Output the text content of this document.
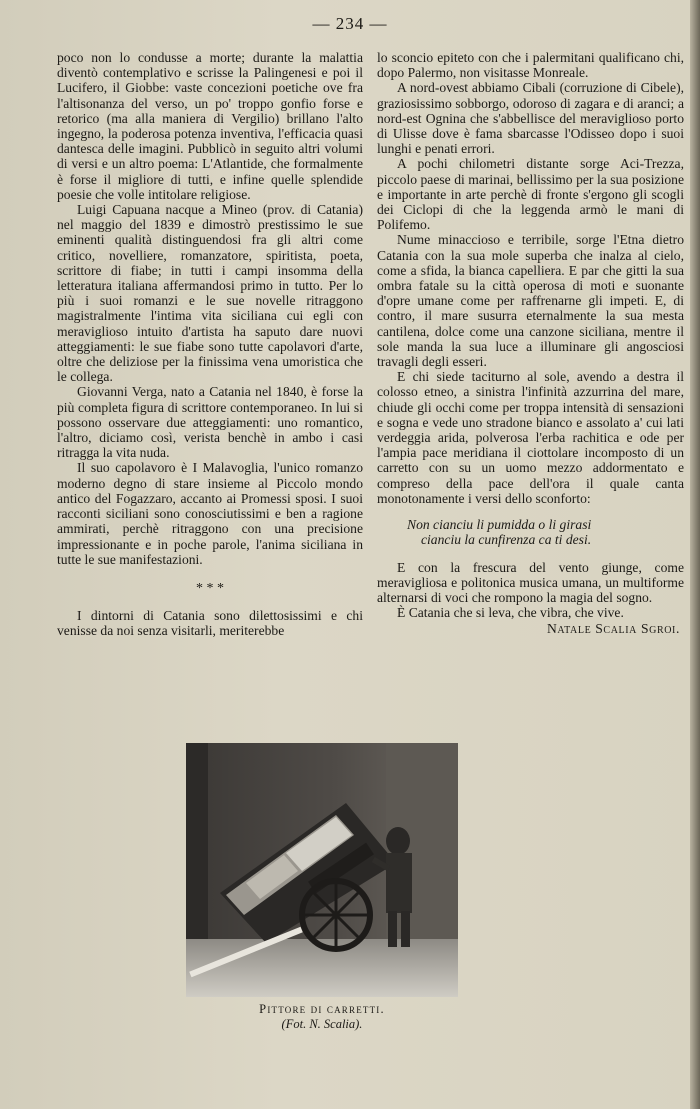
— 234 —

poco non lo condusse a morte; durante la malattia diventò contemplativo e scrisse la Palingenesi e poi il Lucifero, il Giobbe: vaste concezioni poetiche ove fra l'altisonanza del verso, un po' troppo gonfio forse e retorico (ma alla maniera di Vergilio) brillano l'alto ingegno, la poderosa potenza inventiva, l'efficacia quasi dantesca delle imagini. Pubblicò in seguito altri volumi di versi e un altro poema: L'Atlantide, che formalmente è forse il migliore di tutti, e infine quelle splendide poesie che volle intitolare religiose.

Luigi Capuana nacque a Mineo (prov. di Catania) nel maggio del 1839 e dimostrò prestissimo le sue eminenti qualità distinguendosi fra gli altri come critico, novelliere, romanzatore, spiritista, poeta, scrittore di fiabe; in tutti i campi insomma della letteratura italiana affermandosi primo in tutto. Per lo più i suoi romanzi e le sue novelle ritraggono magistralmente l'intima vita siciliana cui egli con meraviglioso intuito d'artista ha saputo dare nuovi atteggiamenti: le sue fiabe sono tutte capolavori d'arte, oltre che deliziose per la finissima vena umoristica che le collega.

Giovanni Verga, nato a Catania nel 1840, è forse la più completa figura di scrittore contemporaneo. In lui si possono osservare due atteggiamenti: uno romantico, l'altro, diciamo così, verista benchè in ambo i casi ritragga la vita nuda.

Il suo capolavoro è I Malavoglia, l'unico romanzo moderno degno di stare insieme al Piccolo mondo antico del Fogazzaro, accanto ai Promessi sposi. I suoi racconti siciliani sono conosciutissimi e ben a ragione ammirati, perchè ritraggono con una precisione impressionante e in poche parole, l'anima siciliana in tutte le sue manifestazioni.

* * *

I dintorni di Catania sono dilettosissimi e chi venisse da noi senza visitarli, meriterebbe

lo sconcio epiteto con che i palermitani qualificano chi, dopo Palermo, non visitasse Monreale.

A nord-ovest abbiamo Cibali (corruzione di Cibele), graziosissimo sobborgo, odoroso di zagara e di aranci; a nord-est Ognina che s'abbellisce del meraviglioso porto di Ulisse dove è fama sbarcasse l'Odisseo dopo i suoi lunghi e penati errori.

A pochi chilometri distante sorge Aci-Trezza, piccolo paese di marinai, bellissimo per la sua posizione e importante in arte perchè di fronte s'ergono gli scogli dei Ciclopi di che la leggenda armò le mani di Polifemo.

Nume minaccioso e terribile, sorge l'Etna dietro Catania con la sua mole superba che inalza al cielo, come a sfida, la bianca capelliera. E par che gitti la sua ombra fatale su la città operosa di moti e suonante d'opre umane come per raffrenarne gli impeti. E, di contro, il mare susurra eternalmente la sua mesta cantilena, dolce come una canzone siciliana, mentre il sole manda la sua luce a illuminare gli angosciosi travagli degli esseri.

E chi siede taciturno al sole, avendo a destra il colosso etneo, a sinistra l'infinità azzurrina del mare, chiude gli occhi come per troppa intensità di sensazioni e sogna e vede uno stradone bianco e assolato a' cui lati verdeggia arida, polverosa l'erba rachitica e ode per l'ampia pace meridiana il ciottolare incomposto di un carretto con su un uomo mezzo addormentato e compreso della pace dell'ora il quale canta monotonamente i versi dello sconforto:

Non cianciu li pumidda o li girasi
cianciu la cunfirenza ca ti desi.

E con la frescura del vento giunge, come meravigliosa e politonica musica umana, un multiforme alternarsi di voci che rompono la magia del sogno.

È Catania che si leva, che vibra, che vive.

Natale Scalia Sgroi.
Pittore di carretti.
(Fot. N. Scalia).
